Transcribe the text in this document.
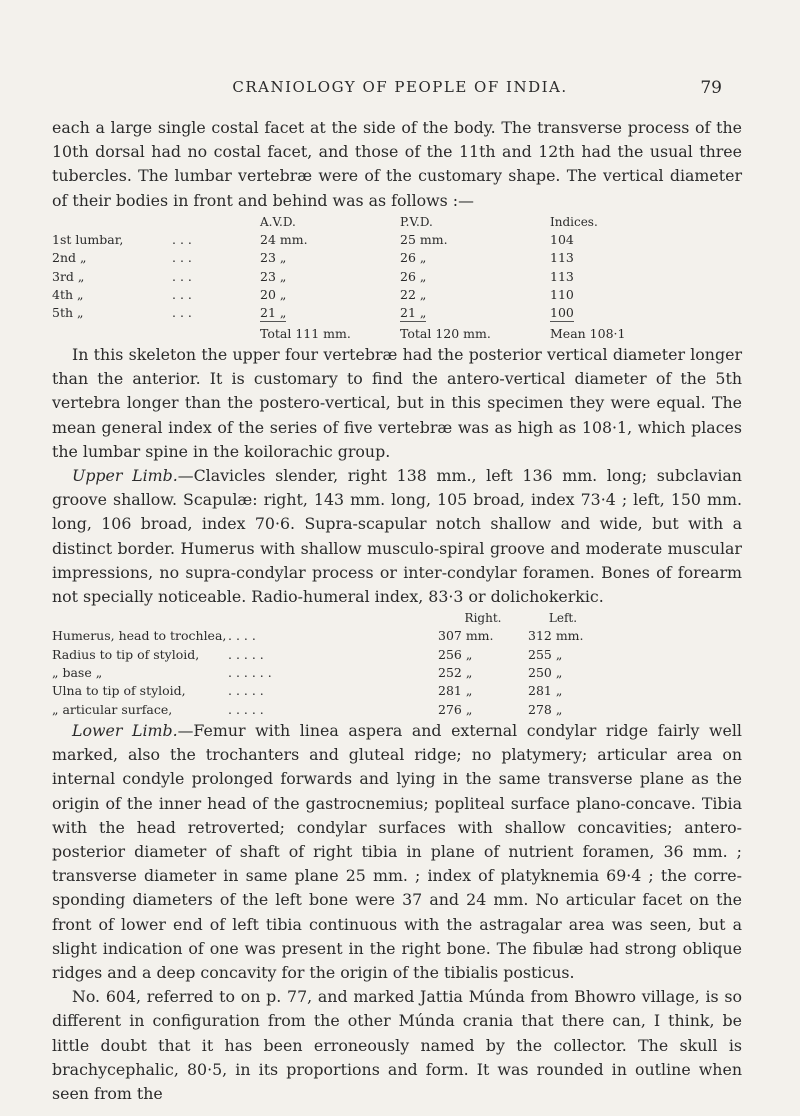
CRANIOLOGY OF PEOPLE OF INDIA.	79

each a large single costal facet at the side of the body. The transverse process of the 10th dorsal had no costal facet, and those of the 11th and 12th had the usual three tubercles. The lumbar vertebræ were of the customary shape. The vertical diameter of their bodies in front and behind was as follows :—

		A.V.D.	P.V.D.	Indices.
1st lumbar,	. . .	24 mm.	25 mm.	104
2nd „	. . .	23 „	26 „	113
3rd „	. . .	23 „	26 „	113
4th „	. . .	20 „	22 „	110
5th „	. . .	21 „	21 „	100
		Total 111 mm.	Total 120 mm.	Mean 108·1

In this skeleton the upper four vertebræ had the posterior vertical diameter longer than the anterior. It is customary to find the antero-vertical diameter of the 5th vertebra longer than the postero-vertical, but in this specimen they were equal. The mean general index of the series of five vertebræ was as high as 108·1, which places the lumbar spine in the koilorachic group.

Upper Limb.—Clavicles slender, right 138 mm., left 136 mm. long; subclavian groove shallow. Scapulæ: right, 143 mm. long, 105 broad, index 73·4 ; left, 150 mm. long, 106 broad, index 70·6. Supra-scapular notch shallow and wide, but with a distinct border. Humerus with shallow musculo-spiral groove and moderate muscular impressions, no supra-condylar process or inter-condylar foramen. Bones of forearm not specially noticeable. Radio-humeral index, 83·3 or dolichokerkic.

		Right.	Left.
Humerus, head to trochlea,	. . . .	307 mm.	312 mm.
Radius to tip of styloid,	. . . . .	256 „	255 „
„ base „	. . . . . .	252 „	250 „
Ulna to tip of styloid,	. . . . .	281 „	281 „
„ articular surface,	. . . . .	276 „	278 „

Lower Limb.—Femur with linea aspera and external condylar ridge fairly well marked, also the trochanters and gluteal ridge; no platymery; articular area on internal condyle prolonged forwards and lying in the same transverse plane as the origin of the inner head of the gastrocnemius; popliteal surface plano-concave. Tibia with the head retroverted; condylar surfaces with shallow concavities; antero-posterior diameter of shaft of right tibia in plane of nutrient foramen, 36 mm. ; transverse diameter in same plane 25 mm. ; index of platyknemia 69·4 ; the corre-sponding diameters of the left bone were 37 and 24 mm. No articular facet on the front of lower end of left tibia continuous with the astragalar area was seen, but a slight indication of one was present in the right bone. The fibulæ had strong oblique ridges and a deep concavity for the origin of the tibialis posticus.

No. 604, referred to on p. 77, and marked Jattia Múnda from Bhowro village, is so different in configuration from the other Múnda crania that there can, I think, be little doubt that it has been erroneously named by the collector. The skull is brachycephalic, 80·5, in its proportions and form. It was rounded in outline when seen from the
